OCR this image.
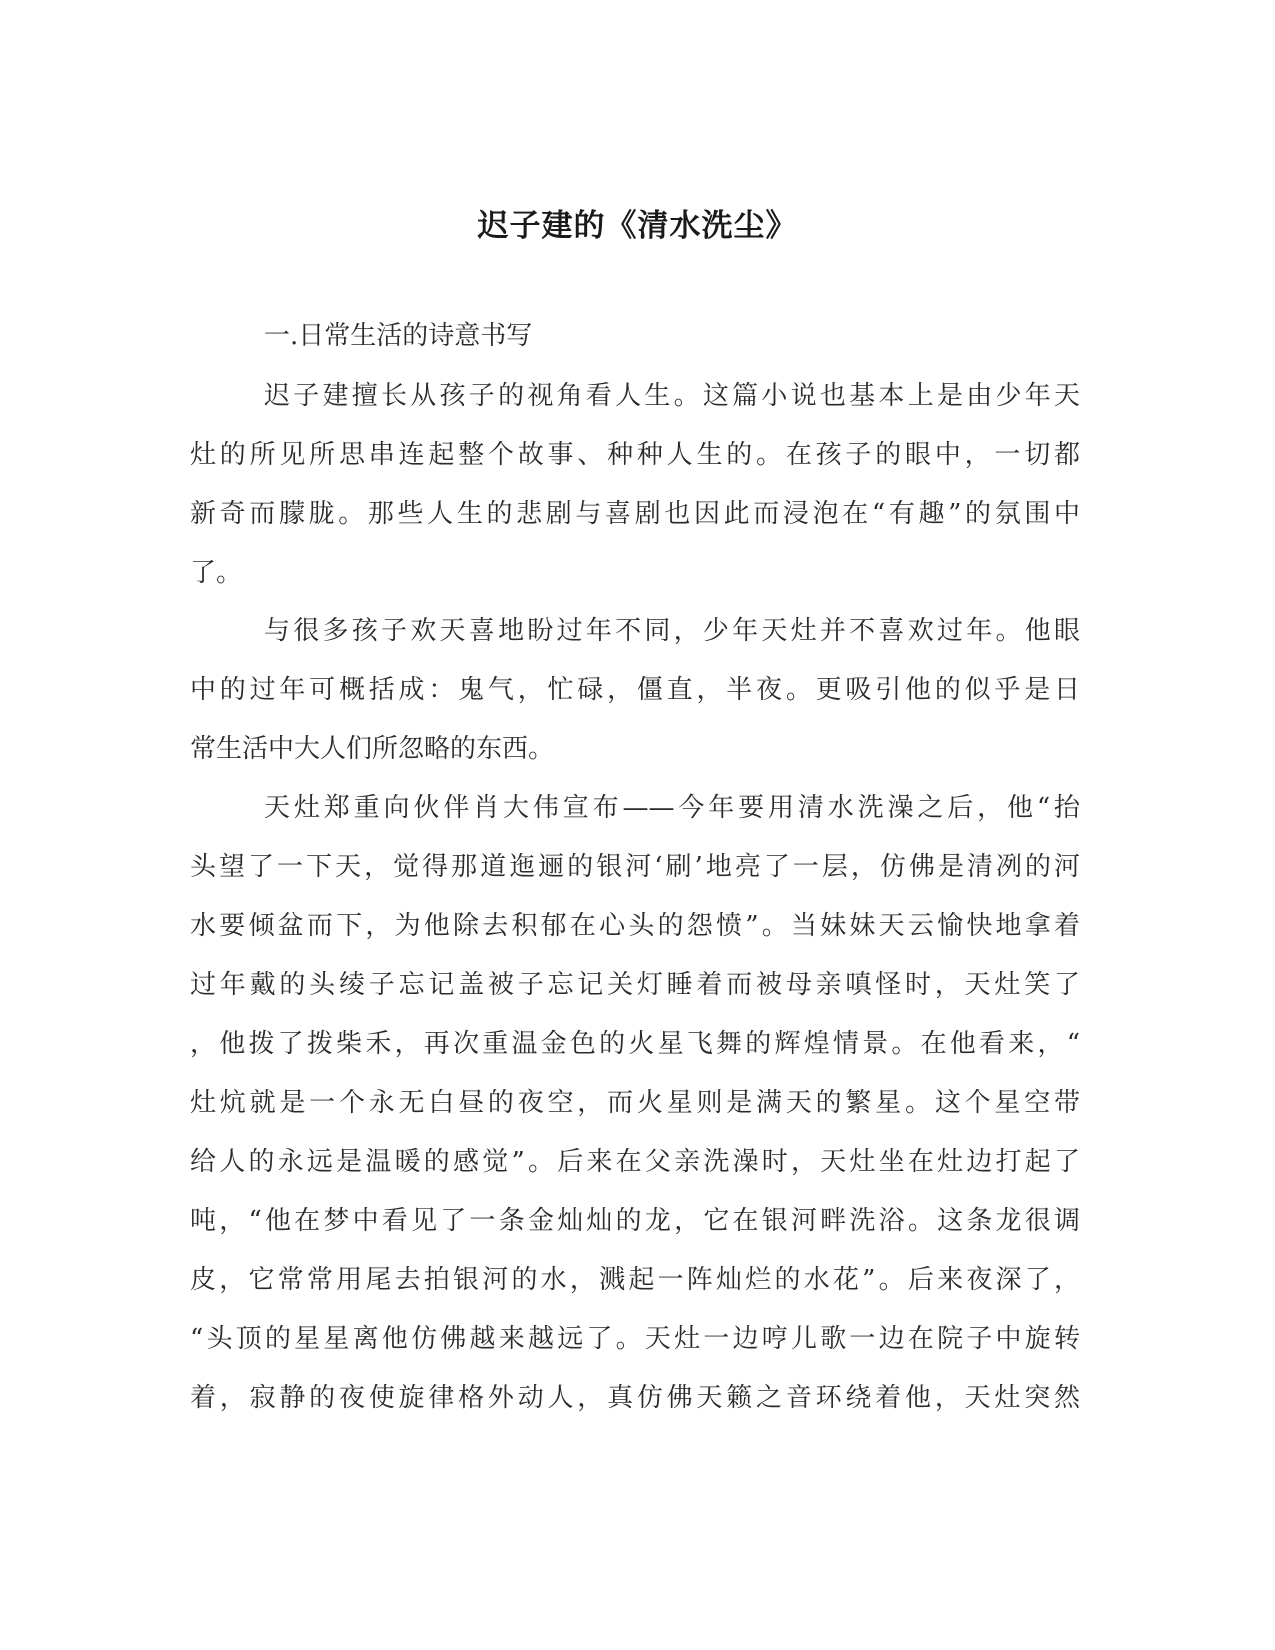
迟子建的《清水洗尘》

一.日常生活的诗意书写

迟子建擅长从孩子的视角看人生。这篇小说也基本上是由少年天

灶的所见所思串连起整个故事、种种人生的。在孩子的眼中，一切都

新奇而朦胧。那些人生的悲剧与喜剧也因此而浸泡在“有趣”的氛围中

了。

与很多孩子欢天喜地盼过年不同，少年天灶并不喜欢过年。他眼

中的过年可概括成：鬼气，忙碌，僵直，半夜。更吸引他的似乎是日

常生活中大人们所忽略的东西。

天灶郑重向伙伴肖大伟宣布——今年要用清水洗澡之后，他“抬

头望了一下天，觉得那道迤逦的银河‘刷’地亮了一层，仿佛是清冽的河

水要倾盆而下，为他除去积郁在心头的怨愤”。当妹妹天云愉快地拿着

过年戴的头绫子忘记盖被子忘记关灯睡着而被母亲嗔怪时，天灶笑了

，他拨了拨柴禾，再次重温金色的火星飞舞的辉煌情景。在他看来，“

灶炕就是一个永无白昼的夜空，而火星则是满天的繁星。这个星空带

给人的永远是温暖的感觉”。后来在父亲洗澡时，天灶坐在灶边打起了

吨，“他在梦中看见了一条金灿灿的龙，它在银河畔洗浴。这条龙很调

皮，它常常用尾去拍银河的水，溅起一阵灿烂的水花”。后来夜深了，

“头顶的星星离他仿佛越来越远了。天灶一边哼儿歌一边在院子中旋转

着，寂静的夜使旋律格外动人，真仿佛天籁之音环绕着他，天灶突然
